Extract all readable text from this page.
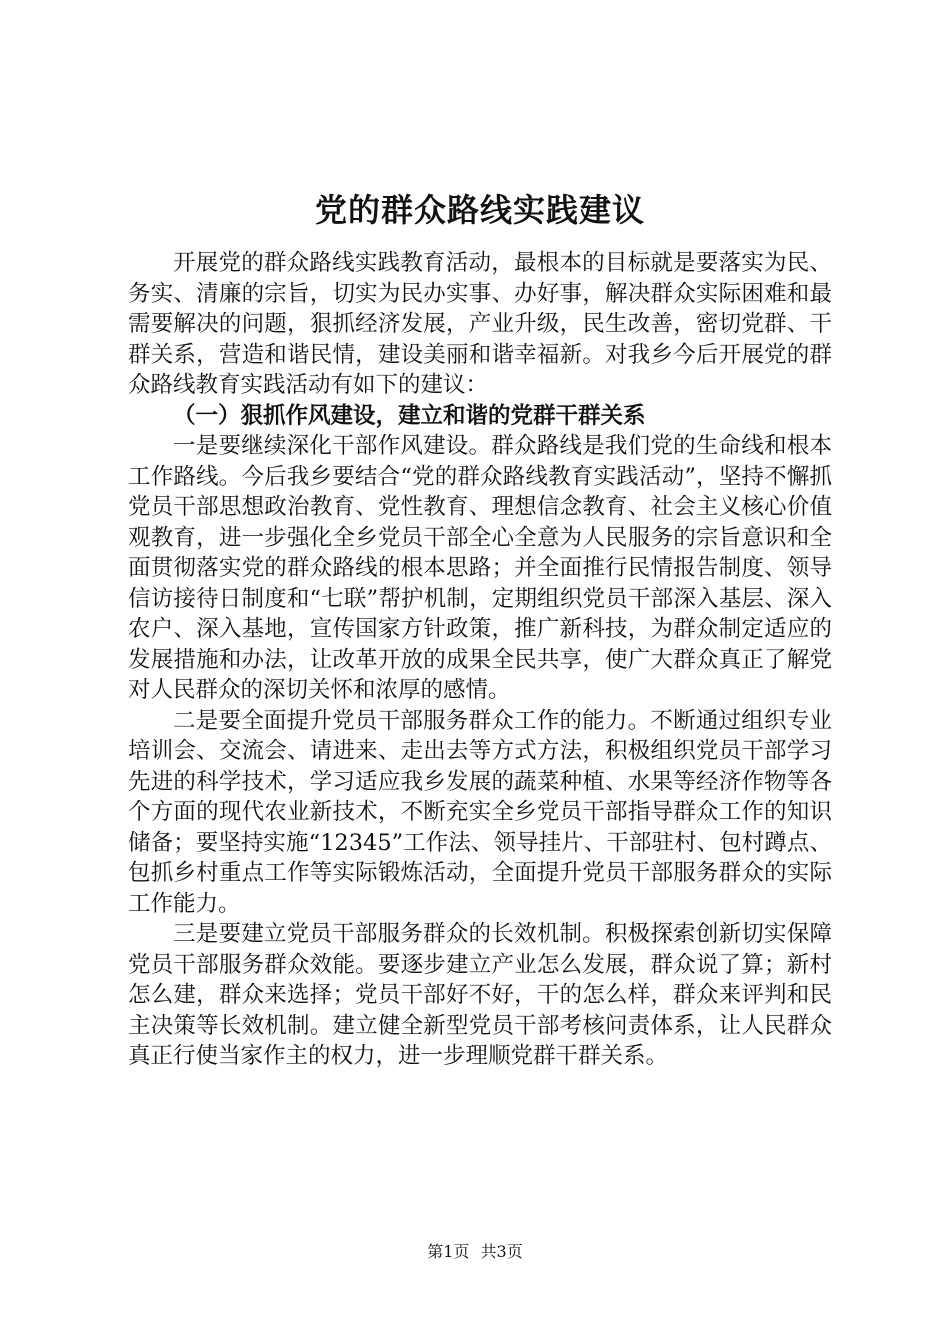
党的群众路线实践建议

开展党的群众路线实践教育活动，最根本的目标就是要落实为民、务实、清廉的宗旨，切实为民办实事、办好事，解决群众实际困难和最需要解决的问题，狠抓经济发展，产业升级，民生改善，密切党群、干群关系，营造和谐民情，建设美丽和谐幸福新。对我乡今后开展党的群众路线教育实践活动有如下的建议：

（一）狠抓作风建设，建立和谐的党群干群关系

一是要继续深化干部作风建设。群众路线是我们党的生命线和根本工作路线。今后我乡要结合“党的群众路线教育实践活动”，坚持不懈抓党员干部思想政治教育、党性教育、理想信念教育、社会主义核心价值观教育，进一步强化全乡党员干部全心全意为人民服务的宗旨意识和全面贯彻落实党的群众路线的根本思路；并全面推行民情报告制度、领导信访接待日制度和“七联”帮护机制，定期组织党员干部深入基层、深入农户、深入基地，宣传国家方针政策，推广新科技，为群众制定适应的发展措施和办法，让改革开放的成果全民共享，使广大群众真正了解党对人民群众的深切关怀和浓厚的感情。

二是要全面提升党员干部服务群众工作的能力。不断通过组织专业培训会、交流会、请进来、走出去等方式方法，积极组织党员干部学习先进的科学技术，学习适应我乡发展的蔬菜种植、水果等经济作物等各个方面的现代农业新技术，不断充实全乡党员干部指导群众工作的知识储备；要坚持实施“12345”工作法、领导挂片、干部驻村、包村蹲点、包抓乡村重点工作等实际锻炼活动，全面提升党员干部服务群众的实际工作能力。

三是要建立党员干部服务群众的长效机制。积极探索创新切实保障党员干部服务群众效能。要逐步建立产业怎么发展，群众说了算；新村怎么建，群众来选择；党员干部好不好，干的怎么样，群众来评判和民主决策等长效机制。建立健全新型党员干部考核问责体系，让人民群众真正行使当家作主的权力，进一步理顺党群干群关系。

第1页 共3页
